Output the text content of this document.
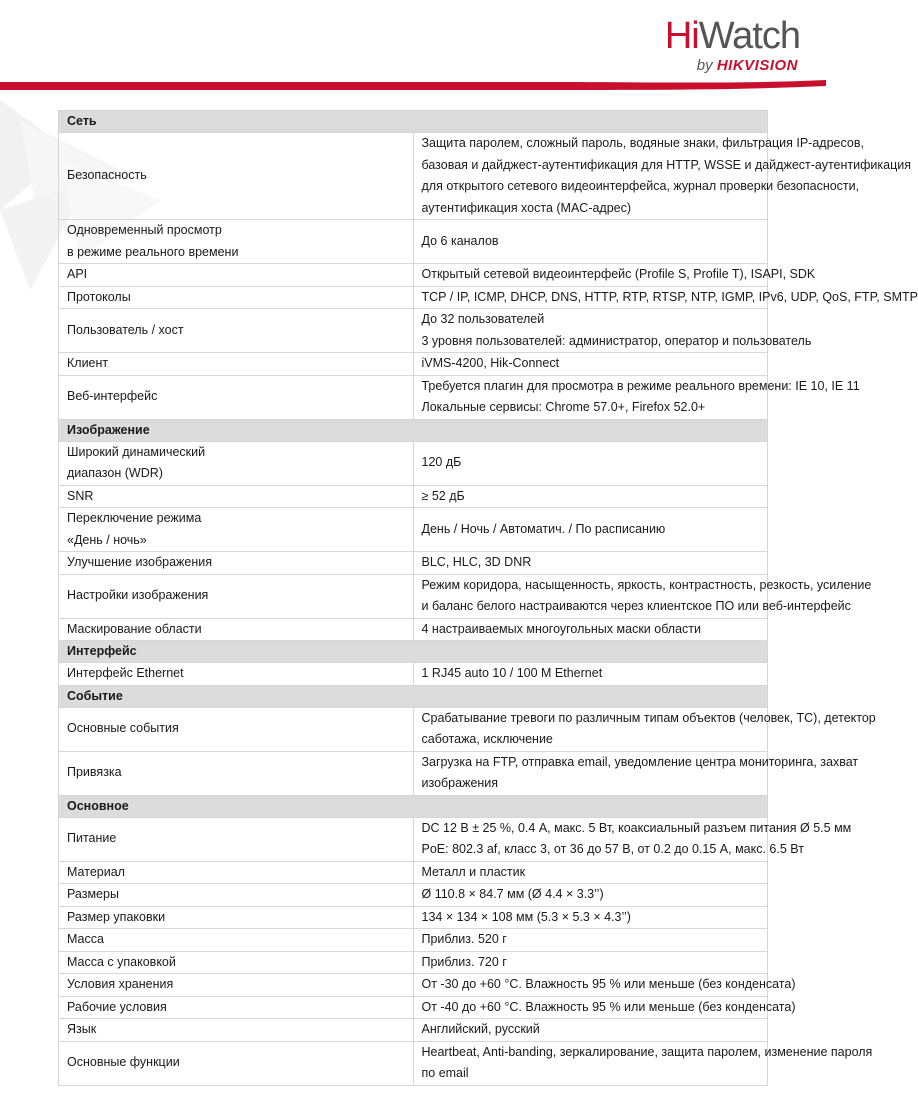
HiWatch
by HIKVISION
Сеть	
Безопасность	Защита паролем, сложный пароль, водяные знаки, фильтрация IP-адресов,
базовая и дайджест-аутентификация для HTTP, WSSE и дайджест-аутентификация
для открытого сетевого видеоинтерфейса, журнал проверки безопасности,
аутентификация хоста (MAC-адрес)

Одновременный просмотр
в режиме реального времени	До 6 каналов

API	Открытый сетевой видеоинтерфейс (Profile S, Profile T), ISAPI, SDK

Протоколы	TCP / IP, ICMP, DHCP, DNS, HTTP, RTP, RTSP, NTP, IGMP, IPv6, UDP, QoS, FTP, SMTP

Пользователь / хост	До 32 пользователей
3 уровня пользователей: администратор, оператор и пользователь

Клиент	iVMS-4200, Hik-Connect

Веб-интерфейс	Требуется плагин для просмотра в режиме реального времени: IE 10, IE 11
Локальные сервисы: Chrome 57.0+, Firefox 52.0+

Изображение	

Широкий динамический
диапазон (WDR)	120 дБ

SNR	≥ 52 дБ

Переключение режима
«День / ночь»	День / Ночь / Автоматич. / По расписанию

Улучшение изображения	BLC, HLC, 3D DNR

Настройки изображения	Режим коридора, насыщенность, яркость, контрастность, резкость, усиление
и баланс белого настраиваются через клиентское ПО или веб-интерфейс

Маскирование области	4 настраиваемых многоугольных маски области

Интерфейс	
Интерфейс Ethernet	1 RJ45 auto 10 / 100 M Ethernet

Событие	
Основные события	Срабатывание тревоги по различным типам объектов (человек, ТС), детектор
саботажа, исключение

Привязка	Загрузка на FTP, отправка email, уведомление центра мониторинга, захват
изображения

Основное	
Питание	DC 12 В ± 25 %, 0.4 А, макс. 5 Вт, коаксиальный разъем питания Ø 5.5 мм
PoE: 802.3 af, класс 3, от 36 до 57 В, от 0.2 до 0.15 А, макс. 6.5 Вт

Материал	Металл и пластик

Размеры	Ø 110.8 × 84.7 мм (Ø 4.4 × 3.3’’)

Размер упаковки	134 × 134 × 108 мм (5.3 × 5.3 × 4.3’’)

Масса	Приблиз. 520 г

Масса с упаковкой	Приблиз. 720 г

Условия хранения	От -30 до +60 °C. Влажность 95 % или меньше (без конденсата)

Рабочие условия	От -40 до +60 °C. Влажность 95 % или меньше (без конденсата)

Язык	Английский, русский

Основные функции	Heartbeat, Anti-banding, зеркалирование, защита паролем, изменение пароля
по email
